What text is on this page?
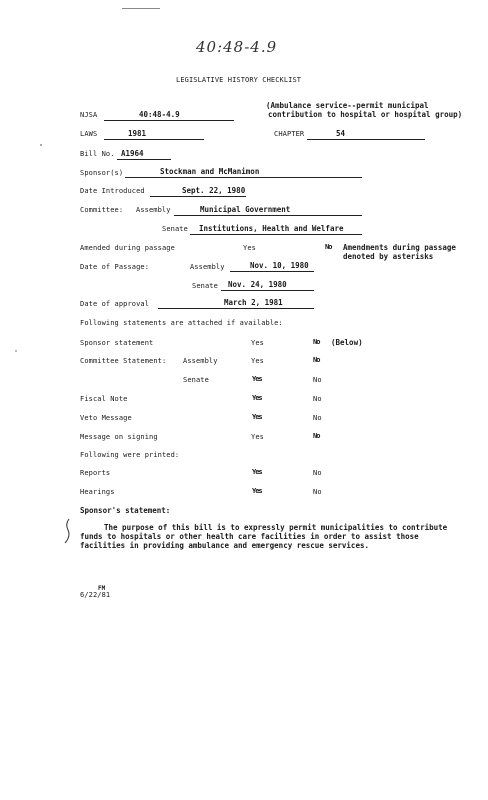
40:48-4.9
LEGISLATIVE HISTORY CHECKLIST
NJSA	40:48-4.9
(Ambulance service--permit municipal
contribution to hospital or hospital group)
LAWS	1981	CHAPTER	54
Bill No. A1964
Sponsor(s)	Stockman and McManimon
Date Introduced	Sept. 22, 1980
Committee: Assembly	Municipal Government
Senate Institutions, Health and Welfare
Amended during passage	Yes	No Amendments during passage
denoted by asterisks
Date of Passage:	Assembly	Nov. 10, 1980
Senate Nov. 24, 1980
Date of approval	March 2, 1981
Following statements are attached if available:
Sponsor statement	Yes	No (Below)
Committee Statement: Assembly	Yes	No
Senate	Yes	No
Fiscal Note	Yes	No
Veto Message	Yes	No
Message on signing	Yes	No
Following were printed:
Reports	Yes	No
Hearings	Yes	No
Sponsor's statement:
The purpose of this bill is to expressly permit municipalities to contribute
funds to hospitals or other health care facilities in order to assist those
facilities in providing ambulance and emergency rescue services.
6/22/81
FM
